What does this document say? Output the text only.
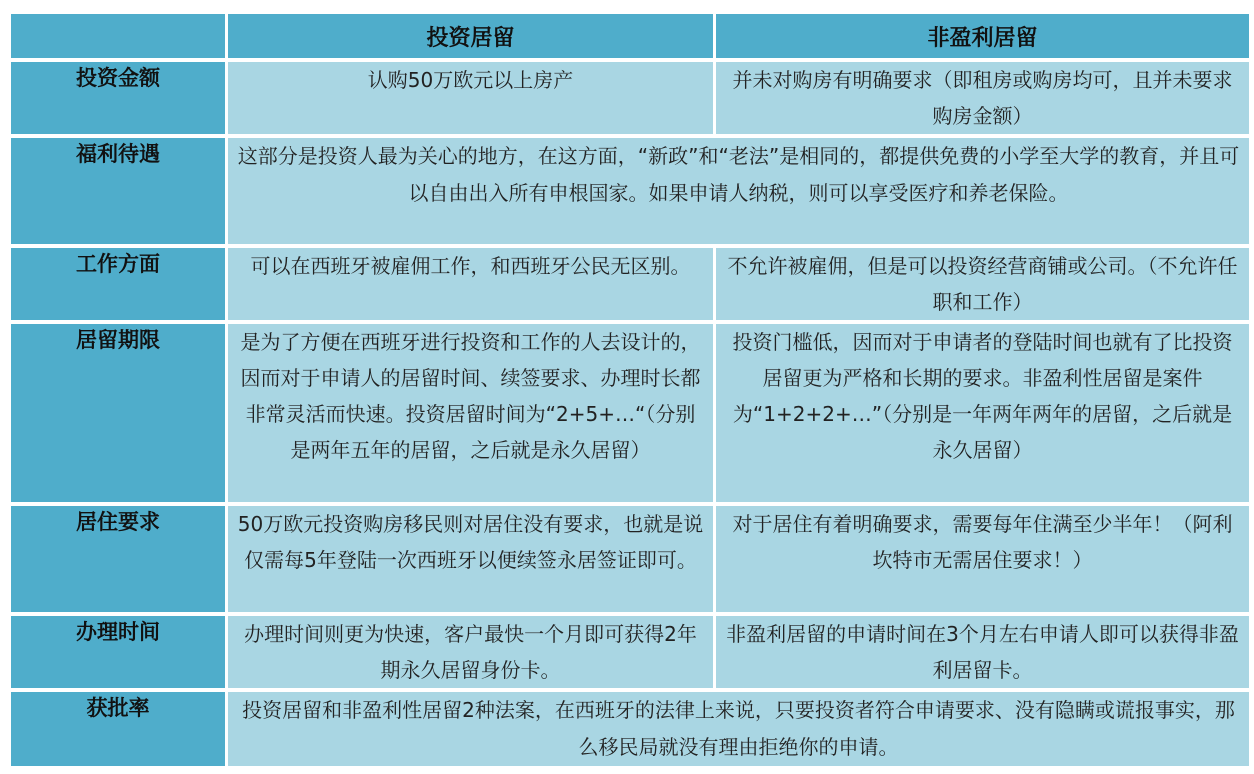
	投资居留	非盈利居留
投资金额	认购50万欧元以上房产	并未对购房有明确要求（即租房或购房均可，且并未要求购房金额）
福利待遇	这部分是投资人最为关心的地方，在这方面，“新政”和“老法”是相同的，都提供免费的小学至大学的教育，并且可以自由出入所有申根国家。如果申请人纳税，则可以享受医疗和养老保险。	
工作方面	可以在西班牙被雇佣工作，和西班牙公民无区别。	不允许被雇佣，但是可以投资经营商铺或公司。（不允许任职和工作）
居留期限	是为了方便在西班牙进行投资和工作的人去设计的，因而对于申请人的居留时间、续签要求、办理时长都非常灵活而快速。投资居留时间为“2+5+…“（分别是两年五年的居留，之后就是永久居留）	投资门槛低，因而对于申请者的登陆时间也就有了比投资居留更为严格和长期的要求。非盈利性居留是案件为“1+2+2+…”（分别是一年两年两年的居留，之后就是永久居留）
居住要求	50万欧元投资购房移民则对居住没有要求，也就是说仅需每5年登陆一次西班牙以便续签永居签证即可。	对于居住有着明确要求，需要每年住满至少半年！（阿利坎特市无需居住要求！）
办理时间	办理时间则更为快速，客户最快一个月即可获得2年期永久居留身份卡。	非盈利居留的申请时间在3个月左右申请人即可以获得非盈利居留卡。
获批率	投资居留和非盈利性居留2种法案，在西班牙的法律上来说，只要投资者符合申请要求、没有隐瞒或谎报事实，那么移民局就没有理由拒绝你的申请。	
